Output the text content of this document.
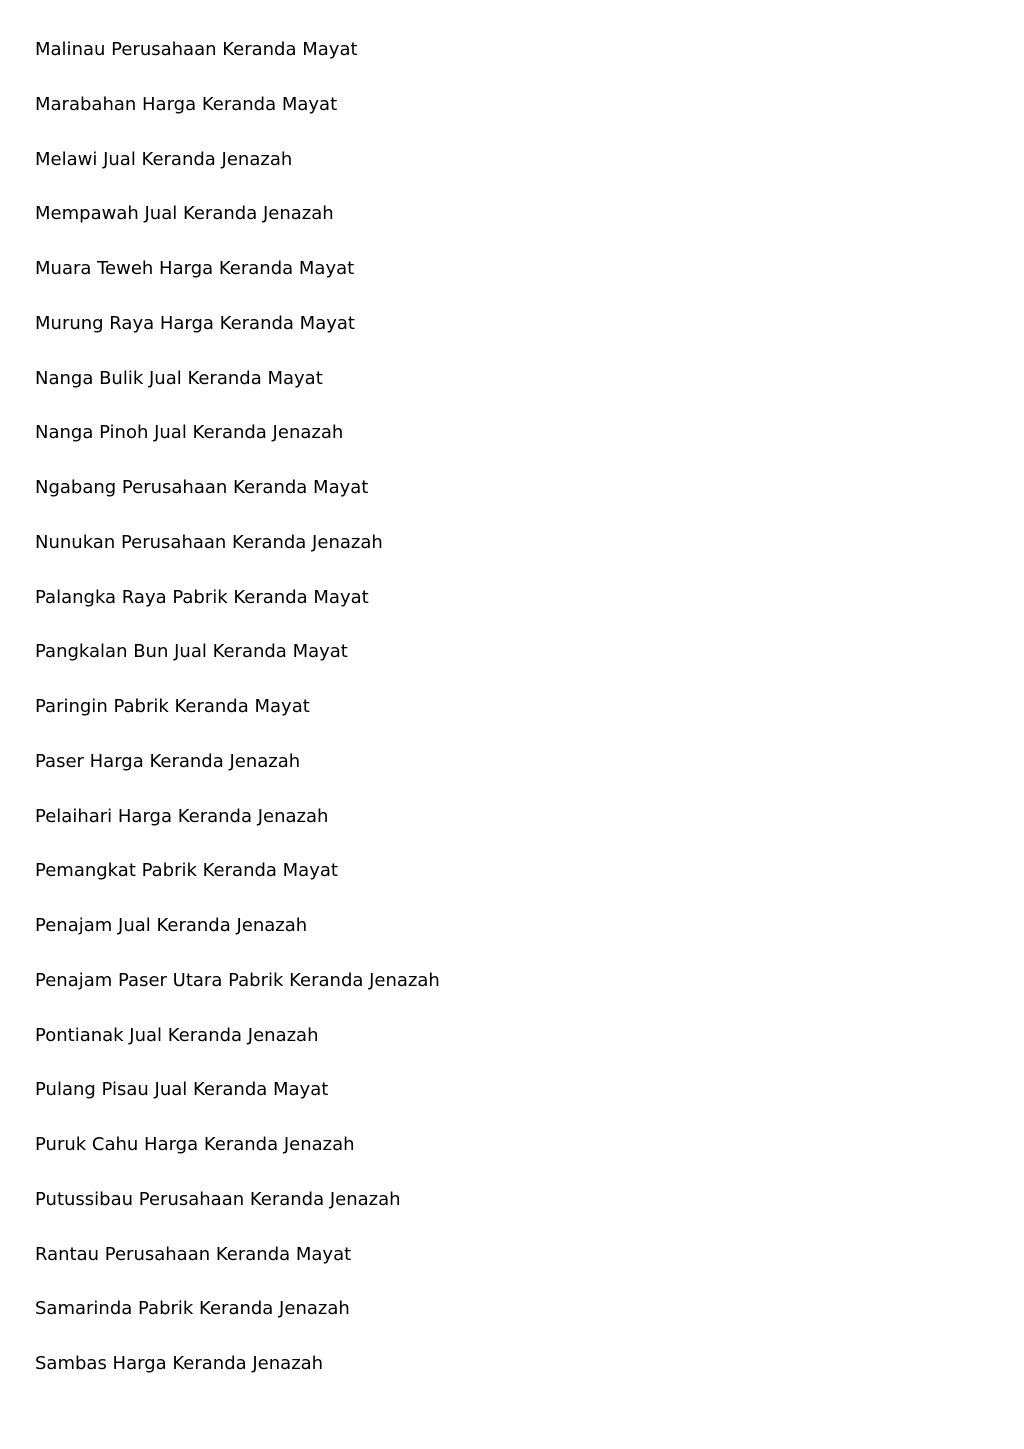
Malinau Perusahaan Keranda Mayat
Marabahan Harga Keranda Mayat
Melawi Jual Keranda Jenazah
Mempawah Jual Keranda Jenazah
Muara Teweh Harga Keranda Mayat
Murung Raya Harga Keranda Mayat
Nanga Bulik Jual Keranda Mayat
Nanga Pinoh Jual Keranda Jenazah
Ngabang Perusahaan Keranda Mayat
Nunukan Perusahaan Keranda Jenazah
Palangka Raya Pabrik Keranda Mayat
Pangkalan Bun Jual Keranda Mayat
Paringin Pabrik Keranda Mayat
Paser Harga Keranda Jenazah
Pelaihari Harga Keranda Jenazah
Pemangkat Pabrik Keranda Mayat
Penajam Jual Keranda Jenazah
Penajam Paser Utara Pabrik Keranda Jenazah
Pontianak Jual Keranda Jenazah
Pulang Pisau Jual Keranda Mayat
Puruk Cahu Harga Keranda Jenazah
Putussibau Perusahaan Keranda Jenazah
Rantau Perusahaan Keranda Mayat
Samarinda Pabrik Keranda Jenazah
Sambas Harga Keranda Jenazah
